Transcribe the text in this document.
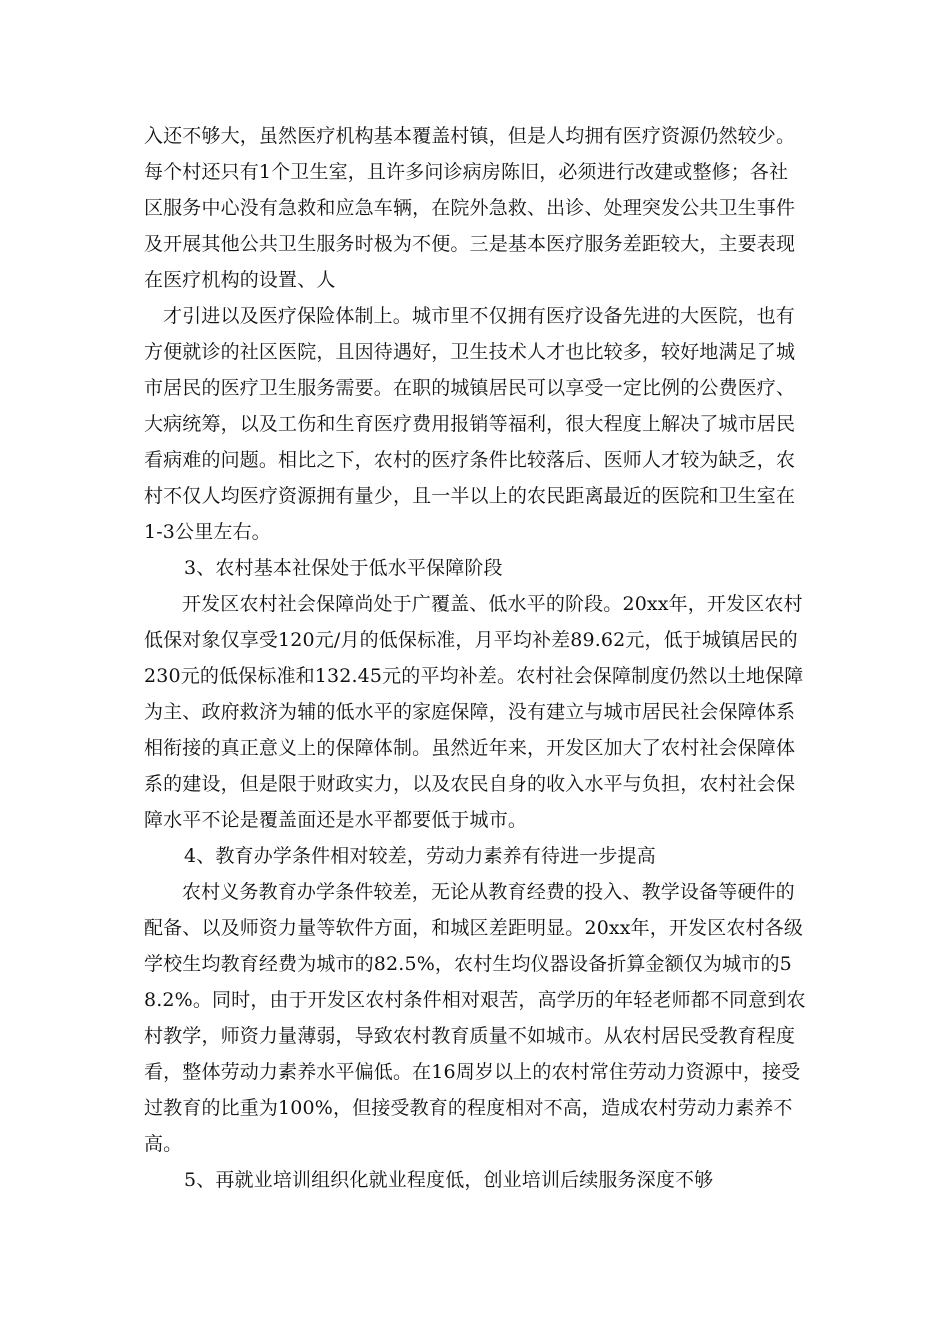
入还不够大，虽然医疗机构基本覆盖村镇，但是人均拥有医疗资源仍然较少。每个村还只有1个卫生室，且许多问诊病房陈旧，必须进行改建或整修；各社区服务中心没有急救和应急车辆，在院外急救、出诊、处理突发公共卫生事件及开展其他公共卫生服务时极为不便。三是基本医疗服务差距较大，主要表现在医疗机构的设置、人

才引进以及医疗保险体制上。城市里不仅拥有医疗设备先进的大医院，也有方便就诊的社区医院，且因待遇好，卫生技术人才也比较多，较好地满足了城市居民的医疗卫生服务需要。在职的城镇居民可以享受一定比例的公费医疗、大病统筹，以及工伤和生育医疗费用报销等福利，很大程度上解决了城市居民看病难的问题。相比之下，农村的医疗条件比较落后、医师人才较为缺乏，农村不仅人均医疗资源拥有量少，且一半以上的农民距离最近的医院和卫生室在1-3公里左右。

3、农村基本社保处于低水平保障阶段

开发区农村社会保障尚处于广覆盖、低水平的阶段。20xx年，开发区农村低保对象仅享受120元/月的低保标准，月平均补差89.62元，低于城镇居民的230元的低保标准和132.45元的平均补差。农村社会保障制度仍然以土地保障为主、政府救济为辅的低水平的家庭保障，没有建立与城市居民社会保障体系相衔接的真正意义上的保障体制。虽然近年来，开发区加大了农村社会保障体系的建设，但是限于财政实力，以及农民自身的收入水平与负担，农村社会保障水平不论是覆盖面还是水平都要低于城市。

4、教育办学条件相对较差，劳动力素养有待进一步提高

农村义务教育办学条件较差，无论从教育经费的投入、教学设备等硬件的配备、以及师资力量等软件方面，和城区差距明显。20xx年，开发区农村各级学校生均教育经费为城市的82.5%，农村生均仪器设备折算金额仅为城市的58.2%。同时，由于开发区农村条件相对艰苦，高学历的年轻老师都不同意到农村教学，师资力量薄弱，导致农村教育质量不如城市。从农村居民受教育程度看，整体劳动力素养水平偏低。在16周岁以上的农村常住劳动力资源中，接受过教育的比重为100%，但接受教育的程度相对不高，造成农村劳动力素养不高。

5、再就业培训组织化就业程度低，创业培训后续服务深度不够
